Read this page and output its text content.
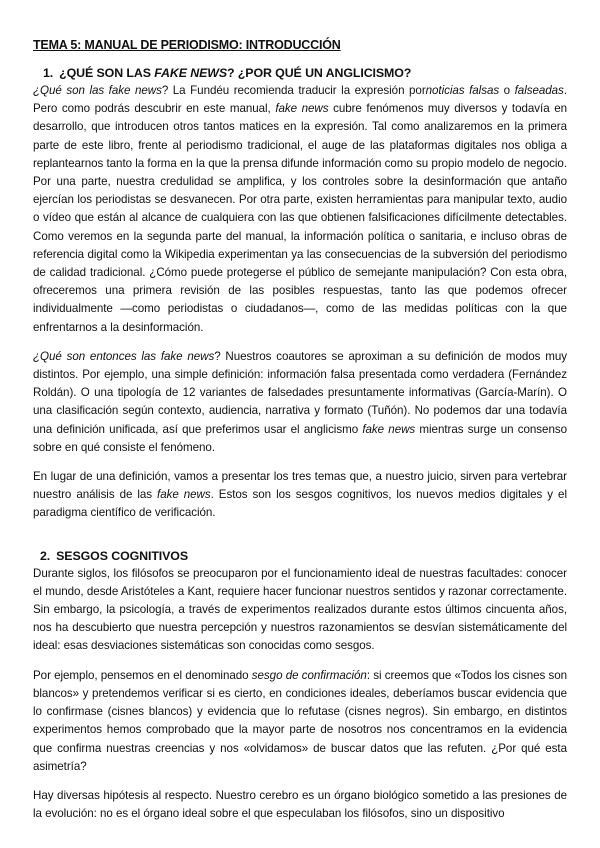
TEMA 5: MANUAL DE PERIODISMO: INTRODUCCIÓN
1. ¿QUÉ SON LAS FAKE NEWS? ¿POR QUÉ UN ANGLICISMO?

¿Qué son las fake news? La Fundéu recomienda traducir la expresión pornoticias falsas o falseadas. Pero como podrás descubrir en este manual, fake news cubre fenómenos muy diversos y todavía en desarrollo, que introducen otros tantos matices en la expresión. Tal como analizaremos en la primera parte de este libro, frente al periodismo tradicional, el auge de las plataformas digitales nos obliga a replantearnos tanto la forma en la que la prensa difunde información como su propio modelo de negocio. Por una parte, nuestra credulidad se amplifica, y los controles sobre la desinformación que antaño ejercían los periodistas se desvanecen. Por otra parte, existen herramientas para manipular texto, audio o vídeo que están al alcance de cualquiera con las que obtienen falsificaciones difícilmente detectables. Como veremos en la segunda parte del manual, la información política o sanitaria, e incluso obras de referencia digital como la Wikipedia experimentan ya las consecuencias de la subversión del periodismo de calidad tradicional. ¿Cómo puede protegerse el público de semejante manipulación? Con esta obra, ofreceremos una primera revisión de las posibles respuestas, tanto las que podemos ofrecer individualmente —como periodistas o ciudadanos—, como de las medidas políticas con la que enfrentarnos a la desinformación.

¿Qué son entonces las fake news? Nuestros coautores se aproximan a su definición de modos muy distintos. Por ejemplo, una simple definición: información falsa presentada como verdadera (Fernández Roldán). O una tipología de 12 variantes de falsedades presuntamente informativas (García-Marín). O una clasificación según contexto, audiencia, narrativa y formato (Tuñón). No podemos dar una todavía una definición unificada, así que preferimos usar el anglicismo fake news mientras surge un consenso sobre en qué consiste el fenómeno.

En lugar de una definición, vamos a presentar los tres temas que, a nuestro juicio, sirven para vertebrar nuestro análisis de las fake news. Estos son los sesgos cognitivos, los nuevos medios digitales y el paradigma científico de verificación.

2. SESGOS COGNITIVOS

Durante siglos, los filósofos se preocuparon por el funcionamiento ideal de nuestras facultades: conocer el mundo, desde Aristóteles a Kant, requiere hacer funcionar nuestros sentidos y razonar correctamente. Sin embargo, la psicología, a través de experimentos realizados durante estos últimos cincuenta años, nos ha descubierto que nuestra percepción y nuestros razonamientos se desvían sistemáticamente del ideal: esas desviaciones sistemáticas son conocidas como sesgos.

Por ejemplo, pensemos en el denominado sesgo de confirmación: si creemos que «Todos los cisnes son blancos» y pretendemos verificar si es cierto, en condiciones ideales, deberíamos buscar evidencia que lo confirmase (cisnes blancos) y evidencia que lo refutase (cisnes negros). Sin embargo, en distintos experimentos hemos comprobado que la mayor parte de nosotros nos concentramos en la evidencia que confirma nuestras creencias y nos «olvidamos» de buscar datos que las refuten. ¿Por qué esta asimetría?

Hay diversas hipótesis al respecto. Nuestro cerebro es un órgano biológico sometido a las presiones de la evolución: no es el órgano ideal sobre el que especulaban los filósofos, sino un dispositivo
